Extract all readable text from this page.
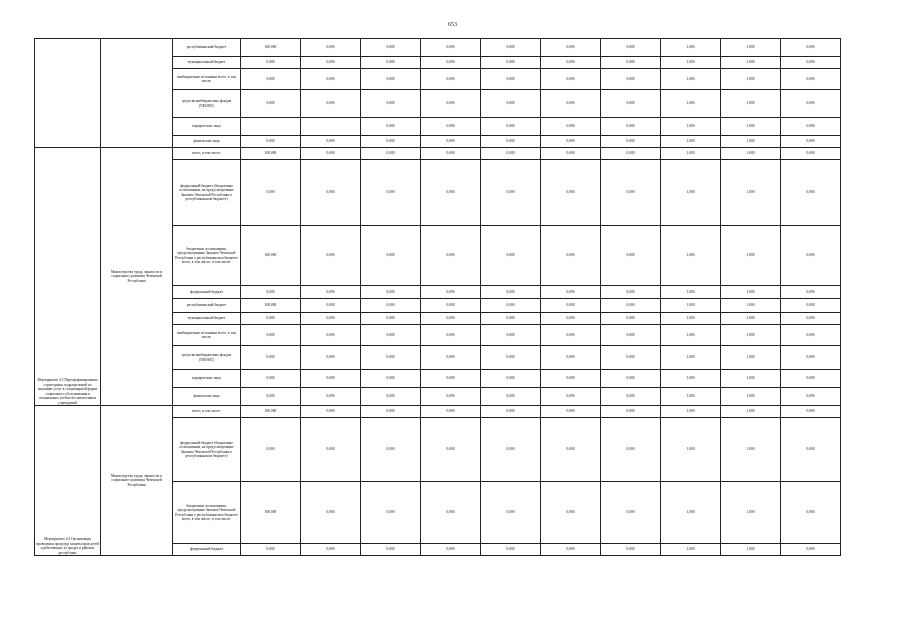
653
		республиканский бюджет	300,000	0,000	0,000	0,000	0,000	0,000	0,000	1,000	1,000	0,000	
		муниципальный бюджет	0,000	0,000	0,000	0,000	0,000	0,000	0,000	1,000	1,000	0,000	
		внебюджетные источники всего, в том числе:	0,000	0,000	0,000	0,000	0,000	0,000	0,000	1,000	1,000	0,000	
		средства внебюджетных фондов (ТФОМС)	0,000	0,000	0,000	0,000	0,000	0,000	0,000	1,000	1,000	0,000	
		юридические лица			0,000	0,000	0,000	0,000	0,000	1,000	1,000	0,000	
		физические лица	0,000	0,000	0,000	0,000	0,000	0,000	0,000	1,000	1,000	0,000	
Мероприятие 4.3 Перепрофилирование структурных подразделений по оказанию услуг в стационарной форме социального обслуживания в специальных учебно-воспитательных учреждений	Министерство труда, занятости и социального развития Чеченской Республики	всего, в том числе:	300,000	0,000	0,000	0,000	0,000	0,000	0,000	1,000	1,000	0,000	
		федеральный бюджет (бюджетные ассигнования, не предусмотренные Законом Чеченской Республики о республиканском бюджете)	0,000	0,000	0,000	0,000	0,000	0,000	0,000	1,000	1,000	0,000	
		бюджетные ассигнования, предусмотренные Законом Чеченской Республики о республиканском бюджете всего, в том числе:, в том числе:	300,000	0,000	0,000	0,000	0,000	0,000	0,000	1,000	1,000	0,000	
		федеральный бюджет	0,000	0,000	0,000	0,000	0,000	0,000	0,000	1,000	1,000	0,000	
		республиканский бюджет	300,000	0,000	0,000	0,000	0,000	0,000	0,000	1,000	1,000	0,000	
		муниципальный бюджет	0,000	0,000	0,000	0,000	0,000	0,000	0,000	1,000	1,000	0,000	
		внебюджетные источники всего, в том числе:	0,000	0,000	0,000	0,000	0,000	0,000	0,000	1,000	1,000	0,000	
		средства внебюджетных фондов (ТФОМС)	0,000	0,000	0,000	0,000	0,000	0,000	0,000	1,000	1,000	0,000	
		юридические лица	0,000	0,000	0,000	0,000	0,000	0,000	0,000	1,000	1,000	0,000	
		физические лица	0,000	0,000	0,000	0,000	0,000	0,000	0,000	1,000	1,000	0,000	
Мероприятие 4.4 Организация проведения процедур защиты прав детей и работающих в городах и районах республики	Министерство труда, занятости и социального развития Чеченской Республики	всего, в том числе:	300,000	0,000	0,000	0,000	0,000	0,000	0,000	1,000	1,000	0,000	
		федеральный бюджет (бюджетные ассигнования, не предусмотренные Законом Чеченской Республики о республиканском бюджете)	0,000	0,000	0,000	0,000	0,000	0,000	0,000	1,000	1,000	0,000	
		бюджетные ассигнования, предусмотренные Законом Чеченской Республики о республиканском бюджете всего, в том числе:, в том числе:	300,000	0,000	0,000	0,000	0,000	0,000	0,000	1,000	1,000	0,000	
		федеральный бюджет	0,000	0,000	0,000	0,000	0,000	0,000	0,000	1,000	1,000	0,000	
